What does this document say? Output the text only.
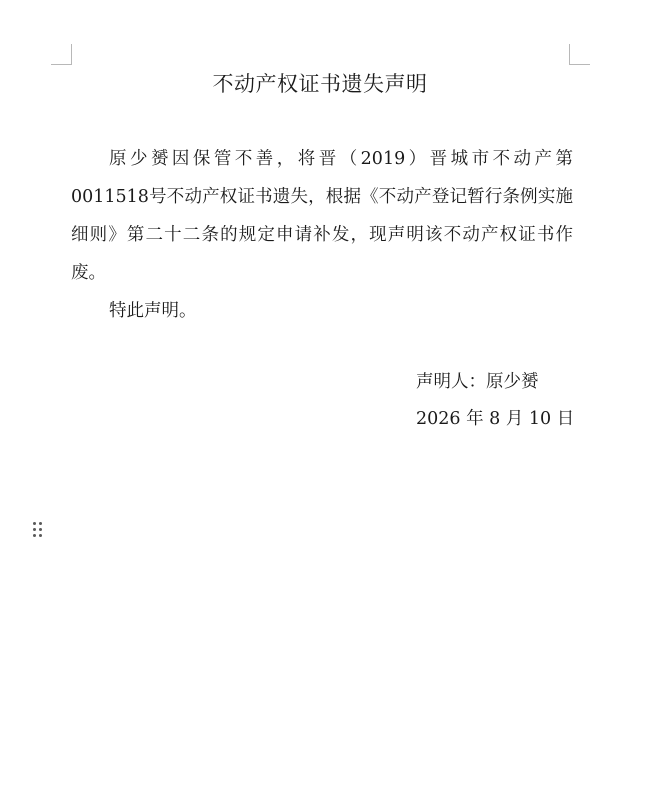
不动产权证书遗失声明

原少赟因保管不善，将晋（2019）晋城市不动产第0011518号不动产权证书遗失，根据《不动产登记暂行条例实施细则》第二十二条的规定申请补发，现声明该不动产权证书作废。

特此声明。

声明人：原少赟
2026 年 8 月 10 日
